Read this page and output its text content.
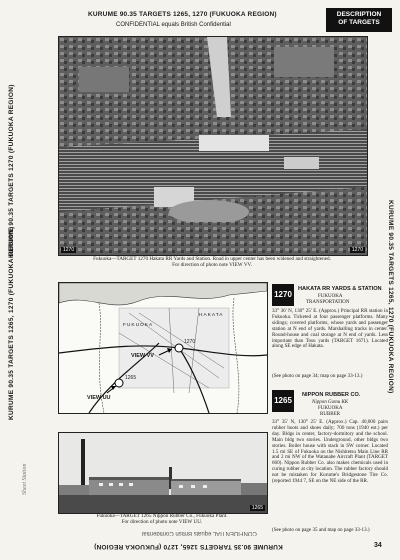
KURUME 90.35 TARGETS 1265, 1270 (FUKUOKA REGION)
CONFIDENTIAL equals British Confidential
DESCRIPTION
OF TARGETS
KURUME 90.35 TARGETS 1270 (FUKUOKA REGION)
KURUME 90.35 TARGETS 1265, 1270 (FUKUOKA REGION)	KURUME 90.35 TARGETS 1265, 1270 (FUKUOKA REGION)
Sheet Station
1270	1270
Fukuoka—TARGET 1270 Hakata RR Yards and Station. Road in upper center has been widened and straightened.
For direction of photo note VIEW VV.
VIEW VV
VIEW UU
1270
1265
HAKATA
FUKUOKA
1270
HAKATA RR YARDS & STATION
FUKUOKA
TRANSPORTATION
33° 36' N, 130° 25' E. (Approx.) Principal RR station in Fukuoka. Ticketed at four passenger platforms. Many sidings; covered platforms, whose yards and passenger station at N end of yards. Marshalling tracks in center. Round-house and coal storage at N end of yards. Less important than Tosu yards (TARGET 1671). Located along SE edge of Hakata.
(See photo on page 34; map on page 33-13.)
1265
NIPPON RUBBER CO.
Nippon Gomu KK
FUKUOKA
RUBBER
33° 35' N, 130° 25' E. (Approx.) Cap. 40,000 pairs rubber boots and shoes daily; 700 tons (1940 est.) per day. Bldgs in center, factory-dormitory and the school. Main bldg two stories. Underground, other bldgs two stories. Boiler house with stack in SW corner. Located 1.5 mi SE of Fukuoka on the Nishitetsu Main Line RR and 2 mi NW of the Watanabe Aircraft Plant (TARGET 660). Nippon Rubber Co. also makes chemicals used in curing rubber at city location. The rubber factory should not be mistaken for Kurume's Bridgestone Tire Co. (reported 1944 7, SE on the NE side of the RR.
(See photo on page 35 and map on page 33-13.)
1265
Fukuoka—TARGET 1265 Nippon Rubber Co., Fukuoka Plant.
For direction of photo note VIEW UU.
CONFIDENTIAL equals British Confidential
KURUME 90.35 TARGETS 1265, 1270 (FUKUOKA REGION)	34
